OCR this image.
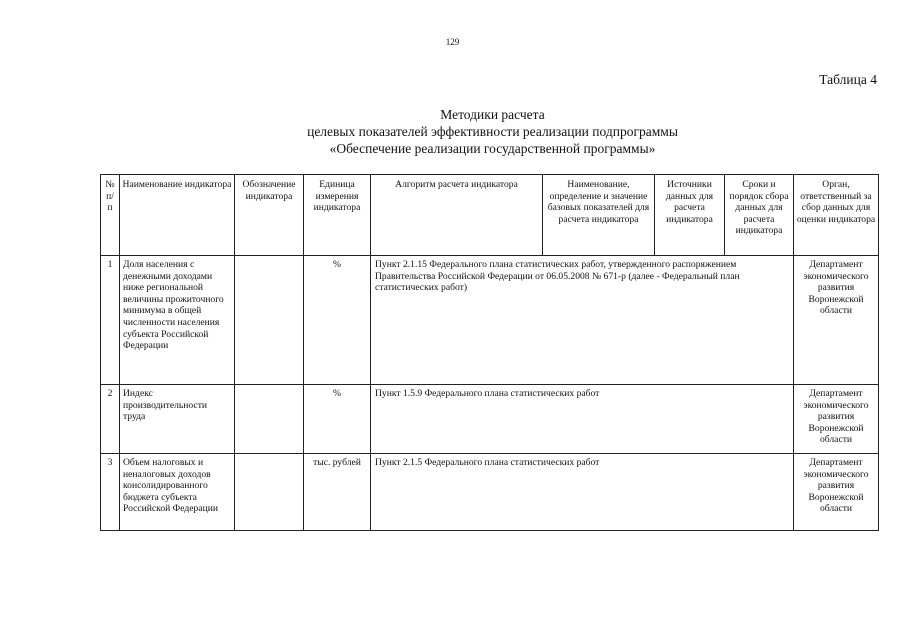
129
Таблица 4
Методики расчета
целевых показателей эффективности реализации подпрограммы
«Обеспечение реализации государственной программы»
№ п/ п	Наименование индикатора	Обозначение индикатора	Единица измерения индикатора	Алгоритм расчета индикатора	Наименование, определение и значение базовых показателей для расчета индикатора	Источники данных для расчета индикатора	Сроки и порядок сбора данных для расчета индикатора	Орган, ответственный за сбор данных для оценки индикатора
1	Доля населения с денежными доходами ниже региональной величины прожиточного минимума в общей численности населения субъекта Российской Федерации		%	Пункт 2.1.15 Федерального плана статистических работ, утвержденного распоряжением Правительства Российской Федерации от 06.05.2008 № 671-р (далее - Федеральный план статистических работ)				Департамент экономического развития Воронежской области
2	Индекс производительности труда		%	Пункт 1.5.9 Федерального плана статистических работ				Департамент экономического развития Воронежской области
3	Объем налоговых и неналоговых доходов консолидированного бюджета субъекта Российской Федерации		тыс. рублей	Пункт 2.1.5 Федерального плана статистических работ				Департамент экономического развития Воронежской области
